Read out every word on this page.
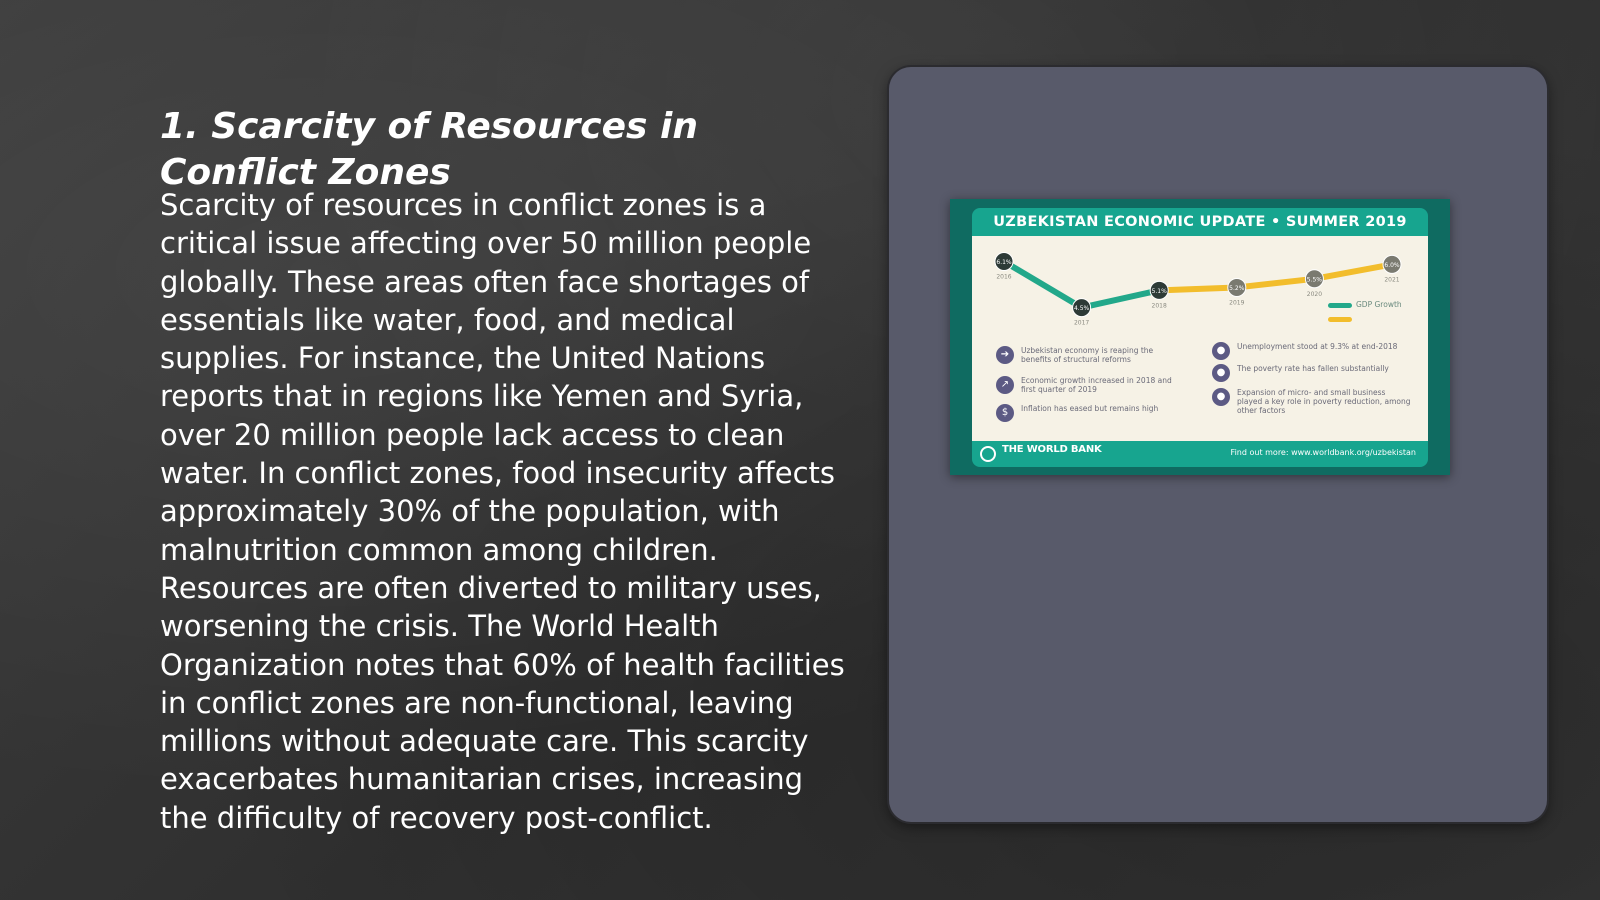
1. Scarcity of Resources in Conflict Zones

Scarcity of resources in conflict zones is a critical issue affecting over 50 million people globally. These areas often face shortages of essentials like water, food, and medical supplies. For instance, the United Nations reports that in regions like Yemen and Syria, over 20 million people lack access to clean water. In conflict zones, food insecurity affects approximately 30% of the population, with malnutrition common among children. Resources are often diverted to military uses, worsening the crisis. The World Health Organization notes that 60% of health facilities in conflict zones are non-functional, leaving millions without adequate care. This scarcity exacerbates humanitarian crises, increasing the difficulty of recovery post-conflict.

UZBEKISTAN ECONOMIC UPDATE • SUMMER 2019
6.1%
2016
4.5%
2017
5.1%
2018
5.2%
2019
5.5%
2020
6.0%
2021
GDP Growth
➔	Uzbekistan economy is reaping the benefits of structural reforms
↗	Economic growth increased in 2018 and first quarter of 2019
$	Inflation has eased but remains high
●	Unemployment stood at 9.3% at end-2018
●	The poverty rate has fallen substantially
●	Expansion of micro- and small business played a key role in poverty reduction, among other factors
THE WORLD BANK	Find out more: www.worldbank.org/uzbekistan
